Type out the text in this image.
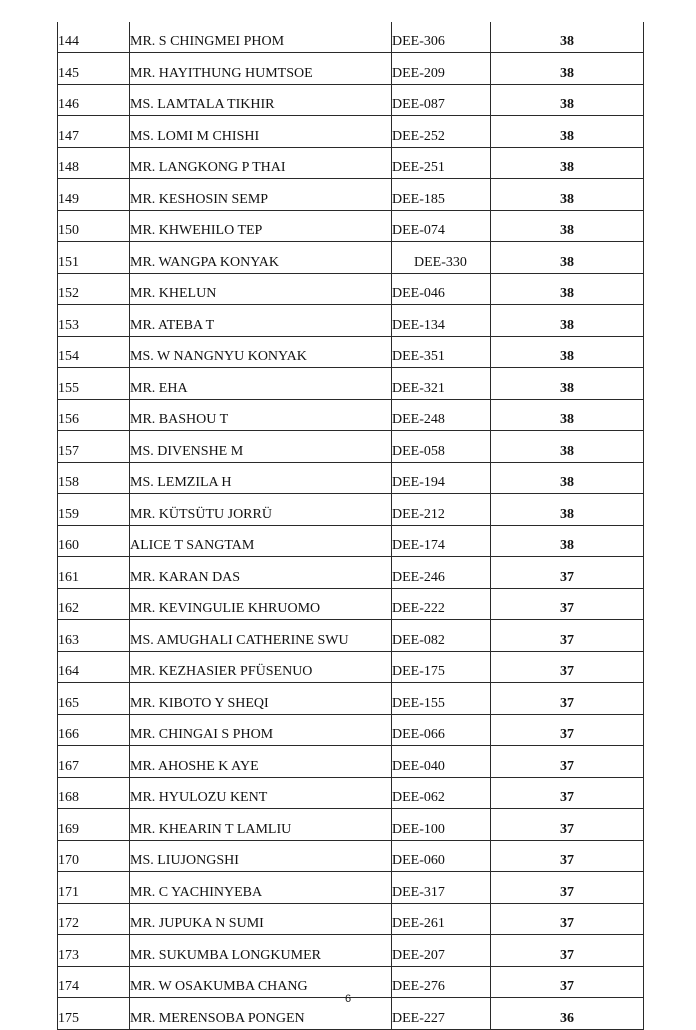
144	MR. S CHINGMEI PHOM	DEE-306	38
145	MR. HAYITHUNG HUMTSOE	DEE-209	38
146	MS. LAMTALA TIKHIR	DEE-087	38
147	MS. LOMI M CHISHI	DEE-252	38
148	MR. LANGKONG P THAI	DEE-251	38
149	MR. KESHOSIN SEMP	DEE-185	38
150	MR. KHWEHILO TEP	DEE-074	38
151	MR. WANGPA KONYAK	DEE-330	38
152	MR. KHELUN	DEE-046	38
153	MR. ATEBA T	DEE-134	38
154	MS. W NANGNYU KONYAK	DEE-351	38
155	MR. EHA	DEE-321	38
156	MR. BASHOU T	DEE-248	38
157	MS. DIVENSHE M	DEE-058	38
158	MS. LEMZILA H	DEE-194	38
159	MR. KÜTSÜTU JORRÜ	DEE-212	38
160	ALICE T SANGTAM	DEE-174	38
161	MR. KARAN DAS	DEE-246	37
162	MR. KEVINGULIE KHRUOMO	DEE-222	37
163	MS. AMUGHALI CATHERINE SWU	DEE-082	37
164	MR. KEZHASIER PFÜSENUO	DEE-175	37
165	MR. KIBOTO Y SHEQI	DEE-155	37
166	MR. CHINGAI S PHOM	DEE-066	37
167	MR. AHOSHE K AYE	DEE-040	37
168	MR. HYULOZU KENT	DEE-062	37
169	MR. KHEARIN T LAMLIU	DEE-100	37
170	MS. LIUJONGSHI	DEE-060	37
171	MR. C YACHINYEBA	DEE-317	37
172	MR. JUPUKA N SUMI	DEE-261	37
173	MR. SUKUMBA LONGKUMER	DEE-207	37
174	MR. W OSAKUMBA CHANG	DEE-276	37
175	MR. MERENSOBA PONGEN	DEE-227	36
6
